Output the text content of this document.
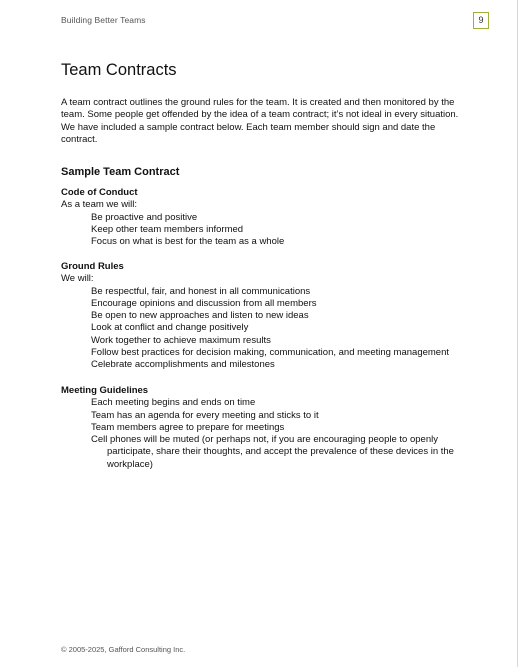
Building Better Teams	9
Team Contracts

A team contract outlines the ground rules for the team. It is created and then monitored by the team. Some people get offended by the idea of a team contract; it’s not ideal in every situation. We have included a sample contract below. Each team member should sign and date the contract.

Sample Team Contract

Code of Conduct

As a team we will:

Be proactive and positive
Keep other team members informed
Focus on what is best for the team as a whole

Ground Rules

We will:

Be respectful, fair, and honest in all communications
Encourage opinions and discussion from all members
Be open to new approaches and listen to new ideas
Look at conflict and change positively
Work together to achieve maximum results
Follow best practices for decision making, communication, and meeting management
Celebrate accomplishments and milestones

Meeting Guidelines

Each meeting begins and ends on time
Team has an agenda for every meeting and sticks to it
Team members agree to prepare for meetings
Cell phones will be muted (or perhaps not, if you are encouraging people to openly participate, share their thoughts, and accept the prevalence of these devices in the workplace)
© 2005-2025, Gafford Consulting Inc.
